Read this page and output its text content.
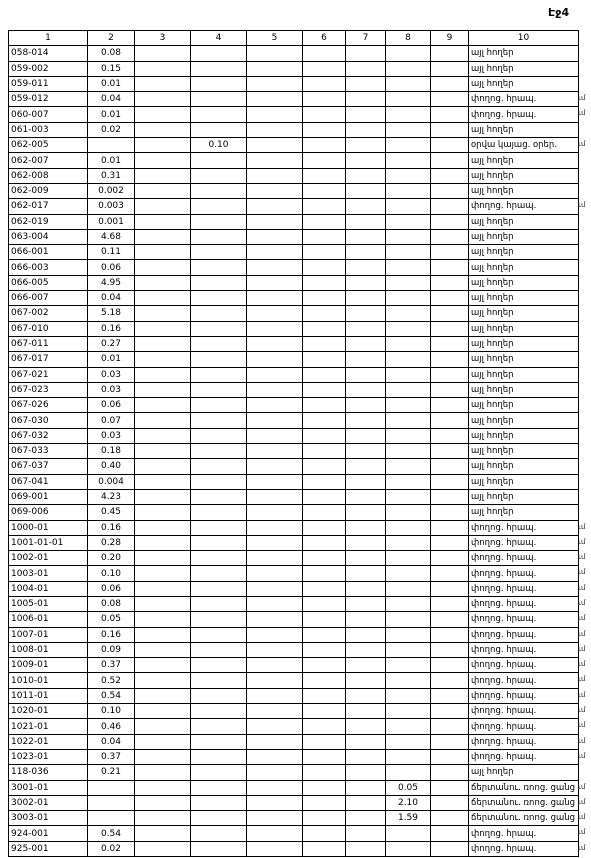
Էջ4
1	2	3	4	5	6	7	8	9	10
058-014	0.08								այլ հողեր
059-002	0.15								այլ հողեր
059-011	0.01								այլ հողեր
059-012	0.04								փողոց. հրապ.
060-007	0.01								փողոց. հրապ.
061-003	0.02								այլ հողեր
062-005			0.10						օրվա կայաց. օրեր.
062-007	0.01								այլ հողեր
062-008	0.31								այլ հողեր
062-009	0.002								այլ հողեր
062-017	0.003								փողոց. հրապ.
062-019	0.001								այլ հողեր
063-004	4.68								այլ հողեր
066-001	0.11								այլ հողեր
066-003	0.06								այլ հողեր
066-005	4.95								այլ հողեր
066-007	0.04								այլ հողեր
067-002	5.18								այլ հողեր
067-010	0.16								այլ հողեր
067-011	0.27								այլ հողեր
067-017	0.01								այլ հողեր
067-021	0.03								այլ հողեր
067-023	0.03								այլ հողեր
067-026	0.06								այլ հողեր
067-030	0.07								այլ հողեր
067-032	0.03								այլ հողեր
067-033	0.18								այլ հողեր
067-037	0.40								այլ հողեր
067-041	0.004								այլ հողեր
069-001	4.23								այլ հողեր
069-006	0.45								այլ հողեր
1000-01	0.16								փողոց. հրապ.
1001-01-01	0.28								փողոց. հրապ.
1002-01	0.20								փողոց. հրապ.
1003-01	0.10								փողոց. հրապ.
1004-01	0.06								փողոց. հրապ.
1005-01	0.08								փողոց. հրապ.
1006-01	0.05								փողոց. հրապ.
1007-01	0.16								փողոց. հրապ.
1008-01	0.09								փողոց. հրապ.
1009-01	0.37								փողոց. հրապ.
1010-01	0.52								փողոց. հրապ.
1011-01	0.54								փողոց. հրապ.
1020-01	0.10								փողոց. հրապ.
1021-01	0.46								փողոց. հրապ.
1022-01	0.04								փողոց. հրապ.
1023-01	0.37								փողոց. հրապ.
118-036	0.21								այլ հողեր
3001-01							0.05		ճերտանու. ռոոց. ցանց
3002-01							2.10		ճերտանու. ռոոց. ցանց
3003-01							1.59		ճերտանու. ռոոց. ցանց
924-001	0.54								փողոց. հրապ.
925-001	0.02								փողոց. հրապ.
ւմ
ւմ
ւմ
ւմ
ւմ
ւմ
ւմ
ւմ
ւմ
ւմ
ւմ
ւմ
ւմ
ւմ
ւմ
ւմ
ւմ
ւմ
ւմ
ւմ
ւմ
ւմ
ւմ
ւմ
ւմ
